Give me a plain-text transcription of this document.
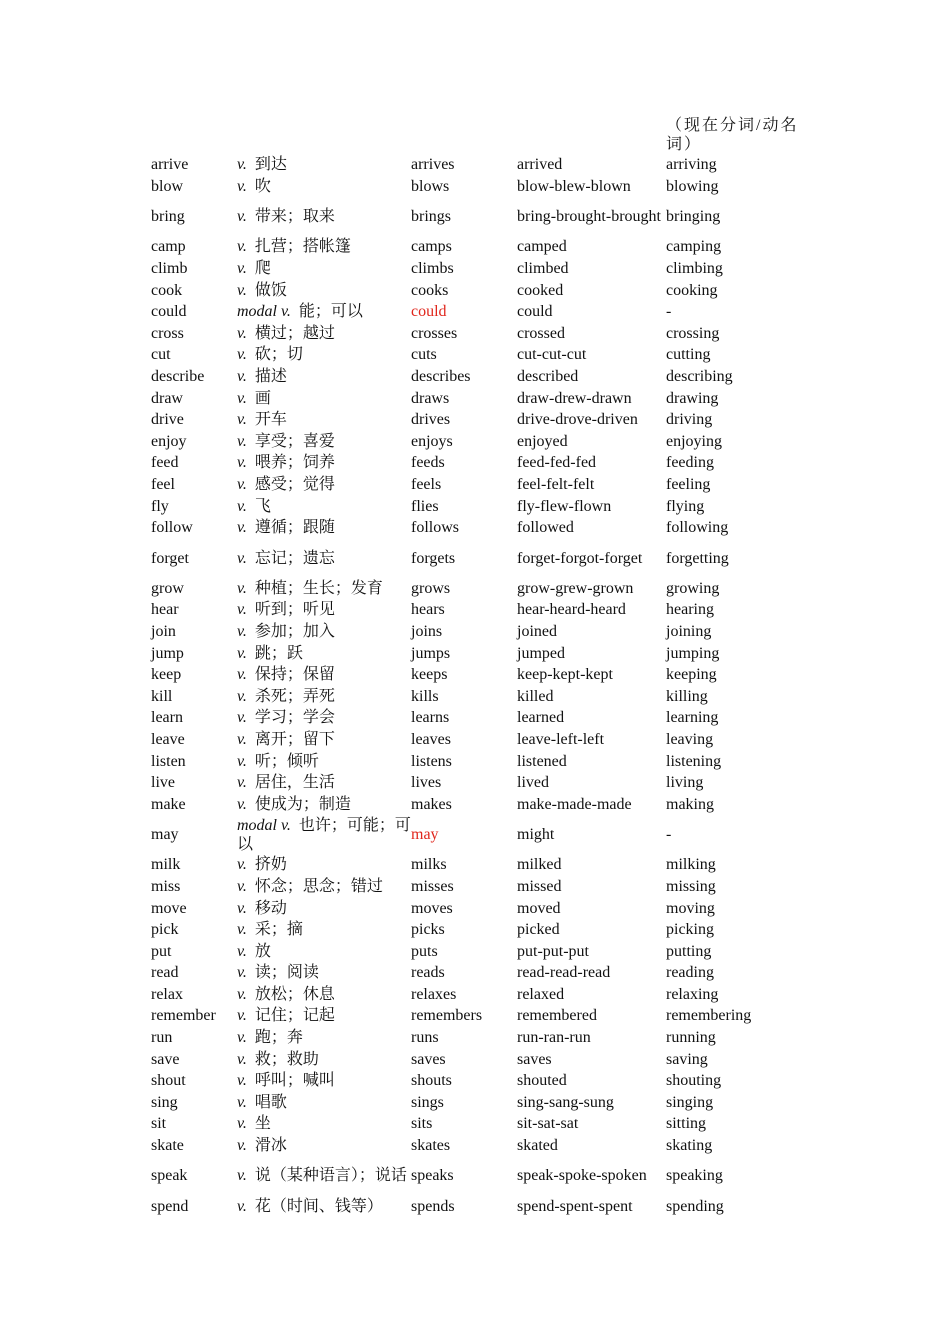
（现在分词/动名词）
arrive	v. 到达	arrives	arrived	arriving
blow	v. 吹	blows	blow-blew-blown	blowing
bring	v. 带来；取来	brings	bring-brought-brought	bringing
camp	v. 扎营；搭帐篷	camps	camped	camping
climb	v. 爬	climbs	climbed	climbing
cook	v. 做饭	cooks	cooked	cooking
could	modal v. 能；可以	could	could	-
cross	v. 横过；越过	crosses	crossed	crossing
cut	v. 砍；切	cuts	cut-cut-cut	cutting
describe	v. 描述	describes	described	describing
draw	v. 画	draws	draw-drew-drawn	drawing
drive	v. 开车	drives	drive-drove-driven	driving
enjoy	v. 享受；喜爱	enjoys	enjoyed	enjoying
feed	v. 喂养；饲养	feeds	feed-fed-fed	feeding
feel	v. 感受；觉得	feels	feel-felt-felt	feeling
fly	v. 飞	flies	fly-flew-flown	flying
follow	v. 遵循；跟随	follows	followed	following
forget	v. 忘记；遗忘	forgets	forget-forgot-forget	forgetting
grow	v. 种植；生长；发育	grows	grow-grew-grown	growing
hear	v. 听到；听见	hears	hear-heard-heard	hearing
join	v. 参加；加入	joins	joined	joining
jump	v. 跳；跃	jumps	jumped	jumping
keep	v. 保持；保留	keeps	keep-kept-kept	keeping
kill	v. 杀死；弄死	kills	killed	killing
learn	v. 学习；学会	learns	learned	learning
leave	v. 离开；留下	leaves	leave-left-left	leaving
listen	v. 听；倾听	listens	listened	listening
live	v. 居住，生活	lives	lived	living
make	v. 使成为；制造	makes	make-made-made	making
may	modal v. 也许；可能；可以	may	might	-
milk	v. 挤奶	milks	milked	milking
miss	v. 怀念；思念；错过	misses	missed	missing
move	v. 移动	moves	moved	moving
pick	v. 采；摘	picks	picked	picking
put	v. 放	puts	put-put-put	putting
read	v. 读；阅读	reads	read-read-read	reading
relax	v. 放松；休息	relaxes	relaxed	relaxing
remember	v. 记住；记起	remembers	remembered	remembering
run	v. 跑；奔	runs	run-ran-run	running
save	v. 救；救助	saves	saves	saving
shout	v. 呼叫；喊叫	shouts	shouted	shouting
sing	v. 唱歌	sings	sing-sang-sung	singing
sit	v. 坐	sits	sit-sat-sat	sitting
skate	v. 滑冰	skates	skated	skating
speak	v. 说（某种语言）；说话	speaks	speak-spoke-spoken	speaking
spend	v. 花（时间、钱等）	spends	spend-spent-spent	spending
